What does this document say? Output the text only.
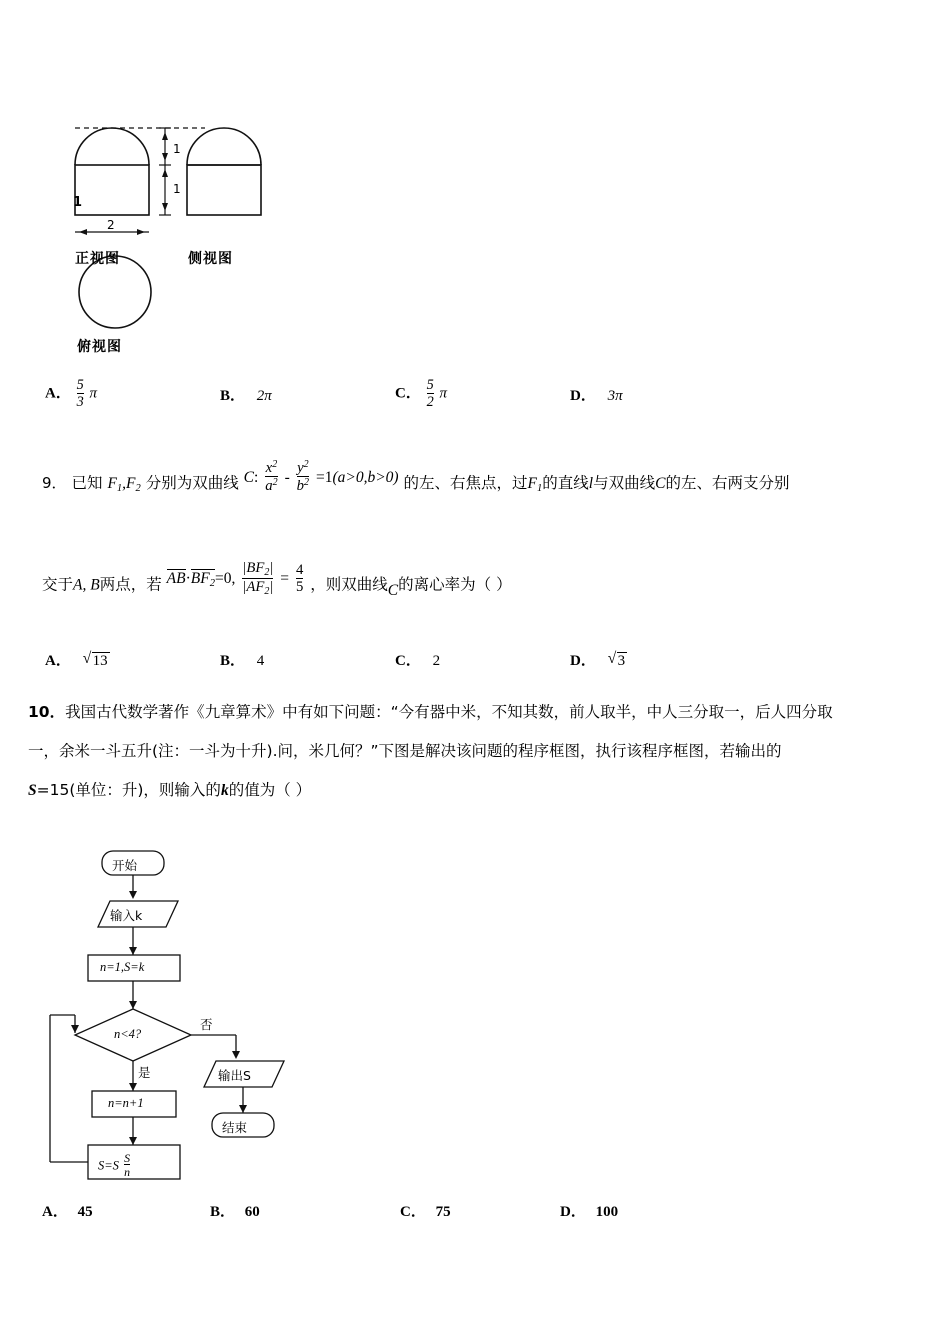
1
1
1
2
正视图	侧视图
俯视图
A． $\frac{5}{3}$ π	B． 2π	C． $\frac{5}{2}$ π	D． 3π
9． 已知 $F_1,F_2$ 分别为双曲线 C: $\frac{x^2}{a^2} - \frac{y^2}{b^2} =1(a>0,b>0)$ 的左、右焦点，过$F_1$的直线l与双曲线C的左、右两支分别
交于A, B两点，若 $AB\cdot BF_2=0$, $\frac{|BF_2|}{|AF_2|} = \frac{4}{5}$ ，则双曲线C的离心率为（ ）
A． √ 13	B． 4	C． 2	D． √ 3
10．我国古代数学著作《九章算术》中有如下问题：“今有器中米，不知其数，前人取半，中人三分取一，后人四分取
一，余米一斗五升(注：一斗为十升).问，米几何？”下图是解决该问题的程序框图，执行该程序框图，若输出的
S=15(单位：升)，则输入的k的值为（ ）
开始
输入k
n=1,S=k
n<4?
否
是
n=n+1
输出S
结束
$S=S \frac{S}{n}$
A． 45	B． 60	C． 75	D． 100
